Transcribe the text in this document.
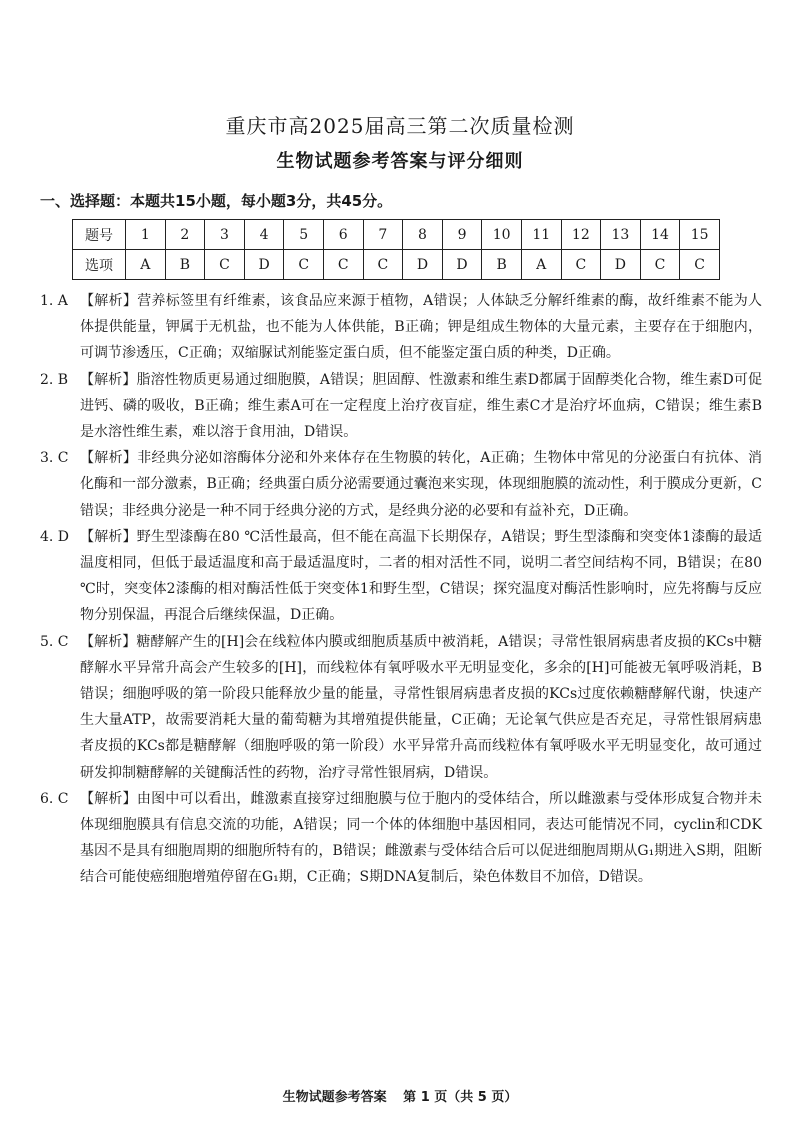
重庆市高2025届高三第二次质量检测
生物试题参考答案与评分细则
一、选择题：本题共15小题，每小题3分，共45分。
题号	1	2	3	4	5	6	7	8	9	10	11	12	13	14	15
选项	A	B	C	D	C	C	C	D	D	B	A	C	D	C	C
1. A 【解析】营养标签里有纤维素，该食品应来源于植物，A错误；人体缺乏分解纤维素的酶，故纤维素不能为人体提供能量，钾属于无机盐，也不能为人体供能，B正确；钾是组成生物体的大量元素，主要存在于细胞内，可调节渗透压，C正确；双缩脲试剂能鉴定蛋白质，但不能鉴定蛋白质的种类，D正确。
2. B 【解析】脂溶性物质更易通过细胞膜，A错误；胆固醇、性激素和维生素D都属于固醇类化合物，维生素D可促进钙、磷的吸收，B正确；维生素A可在一定程度上治疗夜盲症，维生素C才是治疗坏血病，C错误；维生素B是水溶性维生素，难以溶于食用油，D错误。
3. C 【解析】非经典分泌如溶酶体分泌和外来体存在生物膜的转化，A正确；生物体中常见的分泌蛋白有抗体、消化酶和一部分激素，B正确；经典蛋白质分泌需要通过囊泡来实现，体现细胞膜的流动性，利于膜成分更新，C错误；非经典分泌是一种不同于经典分泌的方式，是经典分泌的必要和有益补充，D正确。
4. D 【解析】野生型漆酶在80 ℃活性最高，但不能在高温下长期保存，A错误；野生型漆酶和突变体1漆酶的最适温度相同，但低于最适温度和高于最适温度时，二者的相对活性不同，说明二者空间结构不同，B错误；在80 ℃时，突变体2漆酶的相对酶活性低于突变体1和野生型，C错误；探究温度对酶活性影响时，应先将酶与反应物分别保温，再混合后继续保温，D正确。
5. C 【解析】糖酵解产生的[H]会在线粒体内膜或细胞质基质中被消耗，A错误；寻常性银屑病患者皮损的KCs中糖酵解水平异常升高会产生较多的[H]，而线粒体有氧呼吸水平无明显变化，多余的[H]可能被无氧呼吸消耗，B错误；细胞呼吸的第一阶段只能释放少量的能量，寻常性银屑病患者皮损的KCs过度依赖糖酵解代谢，快速产生大量ATP，故需要消耗大量的葡萄糖为其增殖提供能量，C正确；无论氧气供应是否充足，寻常性银屑病患者皮损的KCs都是糖酵解（细胞呼吸的第一阶段）水平异常升高而线粒体有氧呼吸水平无明显变化，故可通过研发抑制糖酵解的关键酶活性的药物，治疗寻常性银屑病，D错误。
6. C 【解析】由图中可以看出，雌激素直接穿过细胞膜与位于胞内的受体结合，所以雌激素与受体形成复合物并未体现细胞膜具有信息交流的功能，A错误；同一个体的体细胞中基因相同，表达可能情况不同，cyclin和CDK基因不是具有细胞周期的细胞所特有的，B错误；雌激素与受体结合后可以促进细胞周期从G₁期进入S期，阻断结合可能使癌细胞增殖停留在G₁期，C正确；S期DNA复制后，染色体数目不加倍，D错误。
生物试题参考答案 第 1 页（共 5 页）
